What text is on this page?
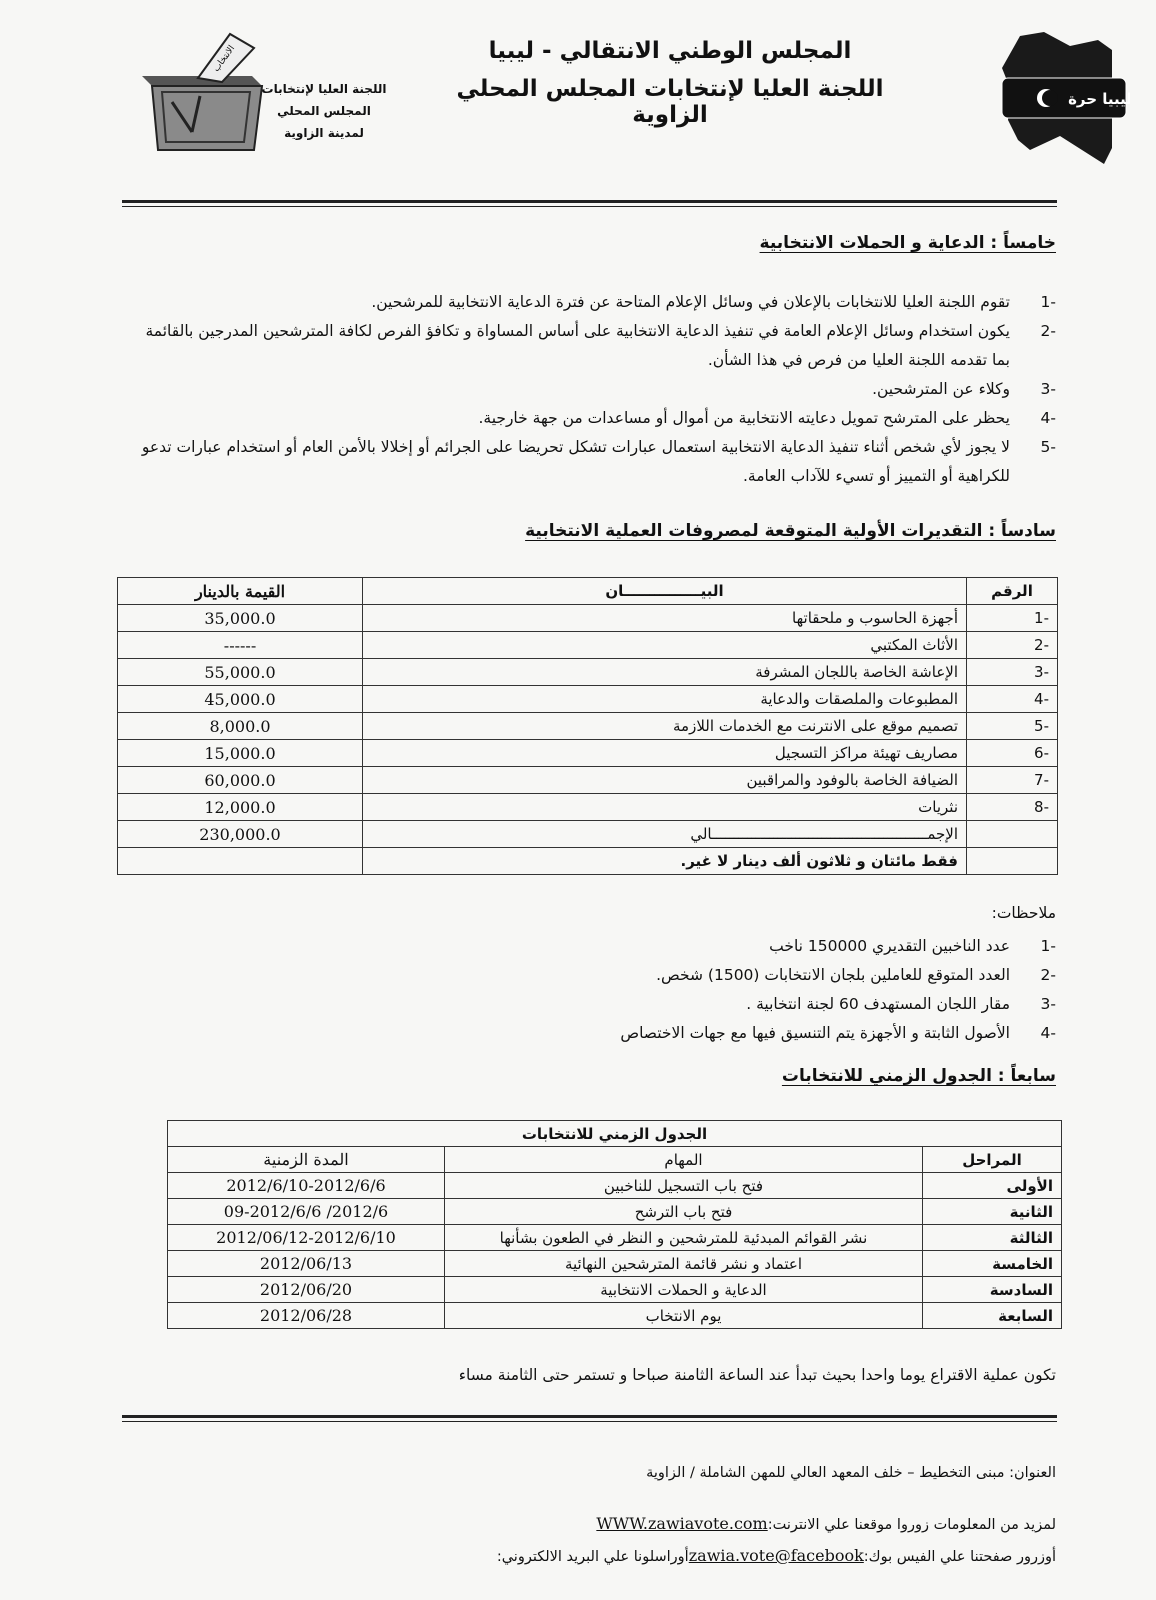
ليبيا حرة
المجلس الوطني الانتقالي - ليبيا
اللجنة العليا لإنتخابات المجلس المحلي الزاوية
الانتخاب
اللجنة العليا لإنتخابات
المجلس المحلي
لمدينة الزاوية
خامساً : الدعاية و الحملات الانتخابية
-1
تقوم اللجنة العليا للانتخابات بالإعلان في وسائل الإعلام المتاحة عن فترة الدعاية الانتخابية للمرشحين.
-2
يكون استخدام وسائل الإعلام العامة في تنفيذ الدعاية الانتخابية على أساس المساواة و تكافؤ الفرص لكافة المترشحين المدرجين بالقائمة بما تقدمه اللجنة العليا من فرص في هذا الشأن.
-3
وكلاء عن المترشحين.
-4
يحظر على المترشح تمويل دعايته الانتخابية من أموال أو مساعدات من جهة خارجية.
-5
لا يجوز لأي شخص أثناء تنفيذ الدعاية الانتخابية استعمال عبارات تشكل تحريضا على الجرائم أو إخلالا بالأمن العام أو استخدام عبارات تدعو للكراهية أو التمييز أو تسيء للآداب العامة.
سادساً : التقديرات الأولية المتوقعة لمصروفات العملية الانتخابية
الرقم	البيـــــــــــــــان	القيمة بالدينار
-1	أجهزة الحاسوب و ملحقاتها	35,000.0
-2	الأثاث المكتبي	------
-3	الإعاشة الخاصة باللجان المشرفة	55,000.0
-4	المطبوعات والملصقات والدعاية	45,000.0
-5	تصميم موقع على الانترنت مع الخدمات اللازمة	8,000.0
-6	مصاريف تهيئة مراكز التسجيل	15,000.0
-7	الضيافة الخاصة بالوفود والمراقبين	60,000.0
-8	نثريات	12,000.0
	الإجمـــــــــــــــــــــــــــــــــــــــــــــــــالي	230,000.0
	فقط مائتان و ثلاثون ألف دينار لا غير.	
ملاحظات:
-1
عدد الناخبين التقديري 150000 ناخب
-2
العدد المتوقع للعاملين بلجان الانتخابات (1500) شخص.
-3
مقار اللجان المستهدف 60 لجنة انتخابية .
-4
الأصول الثابتة و الأجهزة يتم التنسيق فيها مع جهات الاختصاص
سابعاً : الجدول الزمني للانتخابات
الجدول الزمني للانتخابات		
المراحل	المهام	المدة الزمنية
الأولى	فتح باب التسجيل للناخبين	2012/6/10-2012/6/6
الثانية	فتح باب الترشح	2012/6/ 09-2012/6/6
الثالثة	نشر القوائم المبدئية للمترشحين و النظر في الطعون بشأنها	2012/06/12-2012/6/10
الخامسة	اعتماد و نشر قائمة المترشحين النهائية	2012/06/13
السادسة	الدعاية و الحملات الانتخابية	2012/06/20
السابعة	يوم الانتخاب	2012/06/28
تكون عملية الاقتراع يوما واحدا بحيث تبدأ عند الساعة الثامنة صباحا و تستمر حتى الثامنة مساء
العنوان: مبنى التخطيط – خلف المعهد العالي للمهن الشاملة / الزاوية
لمزيد من المعلومات زوروا موقعنا علي الانترنت:WWW.zawiavote.com
أوزرور صفحتنا علي الفيس بوك:zawia.vote@facebookأوراسلونا علي البريد الالكتروني:
